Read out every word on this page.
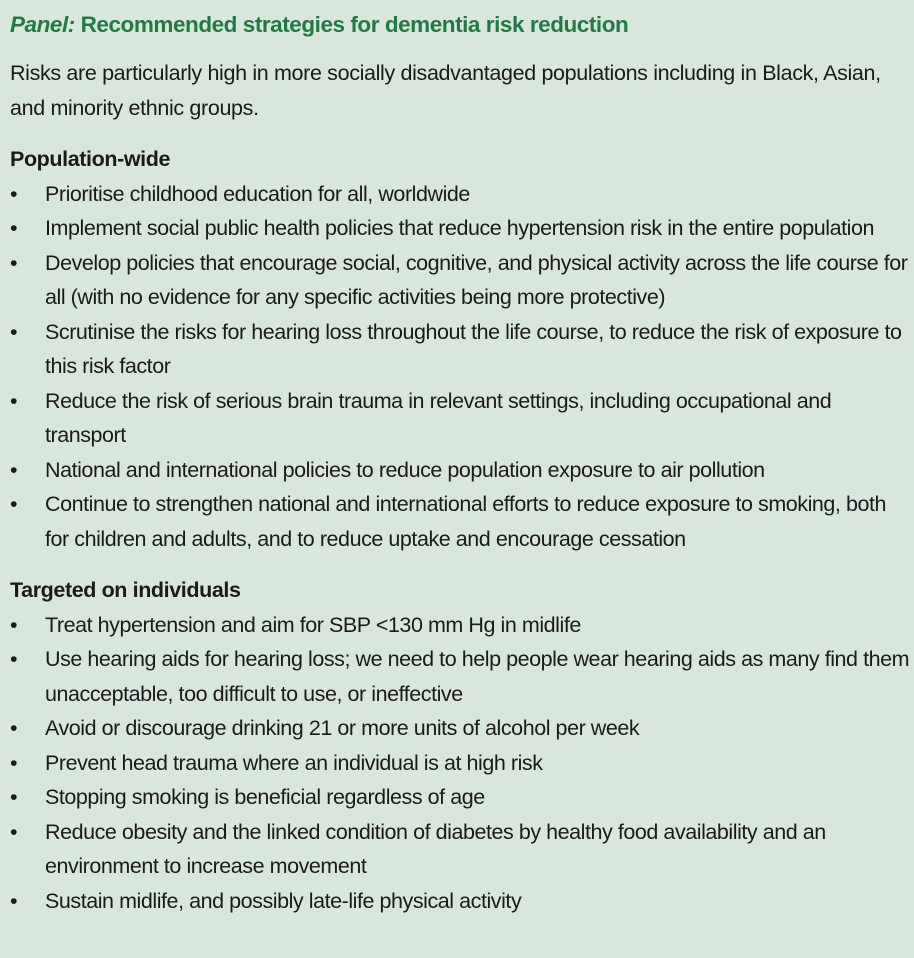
Panel: Recommended strategies for dementia risk reduction

Risks are particularly high in more socially disadvantaged populations including in Black, Asian, and minority ethnic groups.

Population-wide
• Prioritise childhood education for all, worldwide
• Implement social public health policies that reduce hypertension risk in the entire population
• Develop policies that encourage social, cognitive, and physical activity across the life course for all (with no evidence for any specific activities being more protective)
• Scrutinise the risks for hearing loss throughout the life course, to reduce the risk of exposure to this risk factor
• Reduce the risk of serious brain trauma in relevant settings, including occupational and transport
• National and international policies to reduce population exposure to air pollution
• Continue to strengthen national and international efforts to reduce exposure to smoking, both for children and adults, and to reduce uptake and encourage cessation
Targeted on individuals
• Treat hypertension and aim for SBP <130 mm Hg in midlife
• Use hearing aids for hearing loss; we need to help people wear hearing aids as many find them unacceptable, too difficult to use, or ineffective
• Avoid or discourage drinking 21 or more units of alcohol per week
• Prevent head trauma where an individual is at high risk
• Stopping smoking is beneficial regardless of age
• Reduce obesity and the linked condition of diabetes by healthy food availability and an environment to increase movement
• Sustain midlife, and possibly late-life physical activity
